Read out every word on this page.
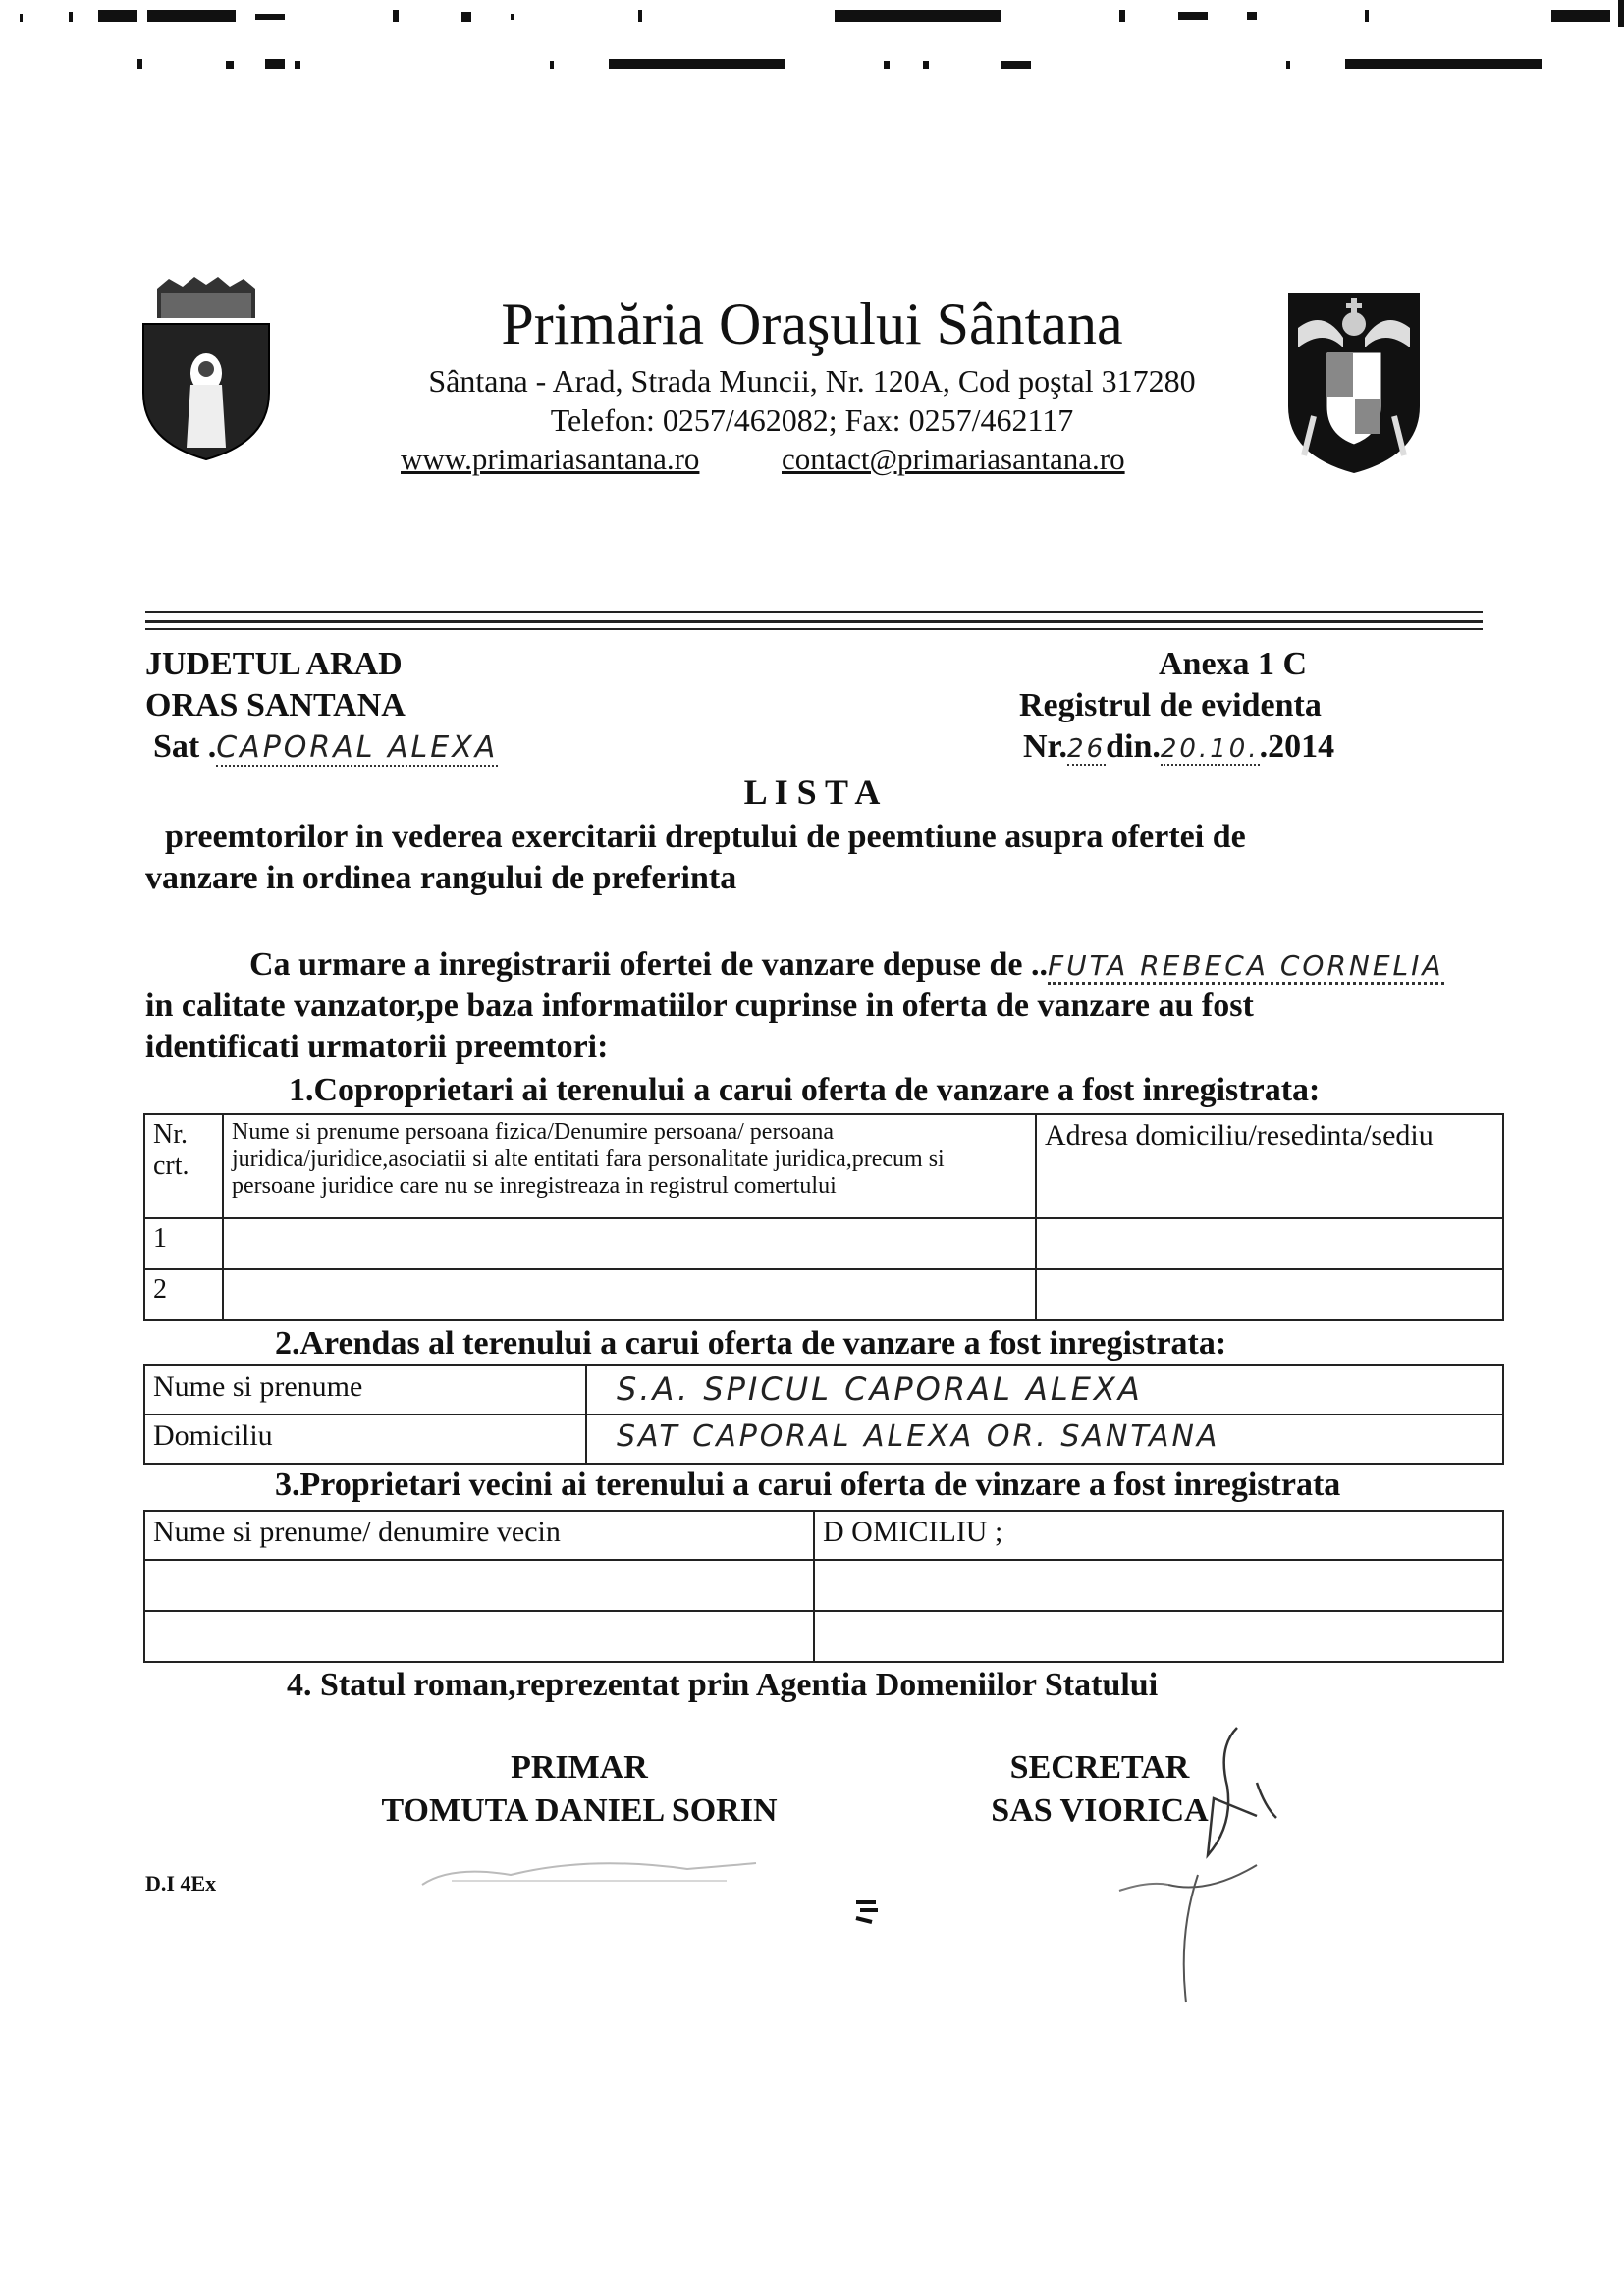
Primăria Oraşului Sântana
Sântana - Arad, Strada Muncii, Nr. 120A, Cod poştal 317280
Telefon: 0257/462082; Fax: 0257/462117
www.primariasantana.ro	contact@primariasantana.ro
JUDETUL ARAD
ORAS SANTANA
Sat .CAPORAL ALEXA
Anexa 1 C
Registrul de evidenta
Nr.26din.20.10..2014
L I S T A
preemtorilor in vederea exercitarii dreptului de peemtiune asupra ofertei de
vanzare in ordinea rangului de preferinta
Ca urmare a inregistrarii ofertei de vanzare depuse de ..FUTA REBECA CORNELIA
in calitate vanzator,pe baza informatiilor cuprinse in oferta de vanzare au fost
identificati urmatorii preemtori:
1.Coproprietari ai terenului a carui oferta de vanzare a fost inregistrata:
Nr. crt.	Nume si prenume persoana fizica/Denumire persoana/ persoana juridica/juridice,asociatii si alte entitati fara personalitate juridica,precum si persoane juridice care nu se inregistreaza in registrul comertului	Adresa domiciliu/resedinta/sediu
1		
2		
2.Arendas al terenului a carui oferta de vanzare a fost inregistrata:
Nume si prenume	S.A. SPICUL CAPORAL ALEXA
Domiciliu	SAT CAPORAL ALEXA OR. SANTANA
3.Proprietari vecini ai terenului a carui oferta de vinzare a fost inregistrata
Nume si prenume/ denumire vecin	D OMICILIU ;

4. Statul roman,reprezentat prin Agentia Domeniilor Statului
PRIMAR
TOMUTA DANIEL SORIN
SECRETAR
SAS VIORICA
D.I 4Ex
